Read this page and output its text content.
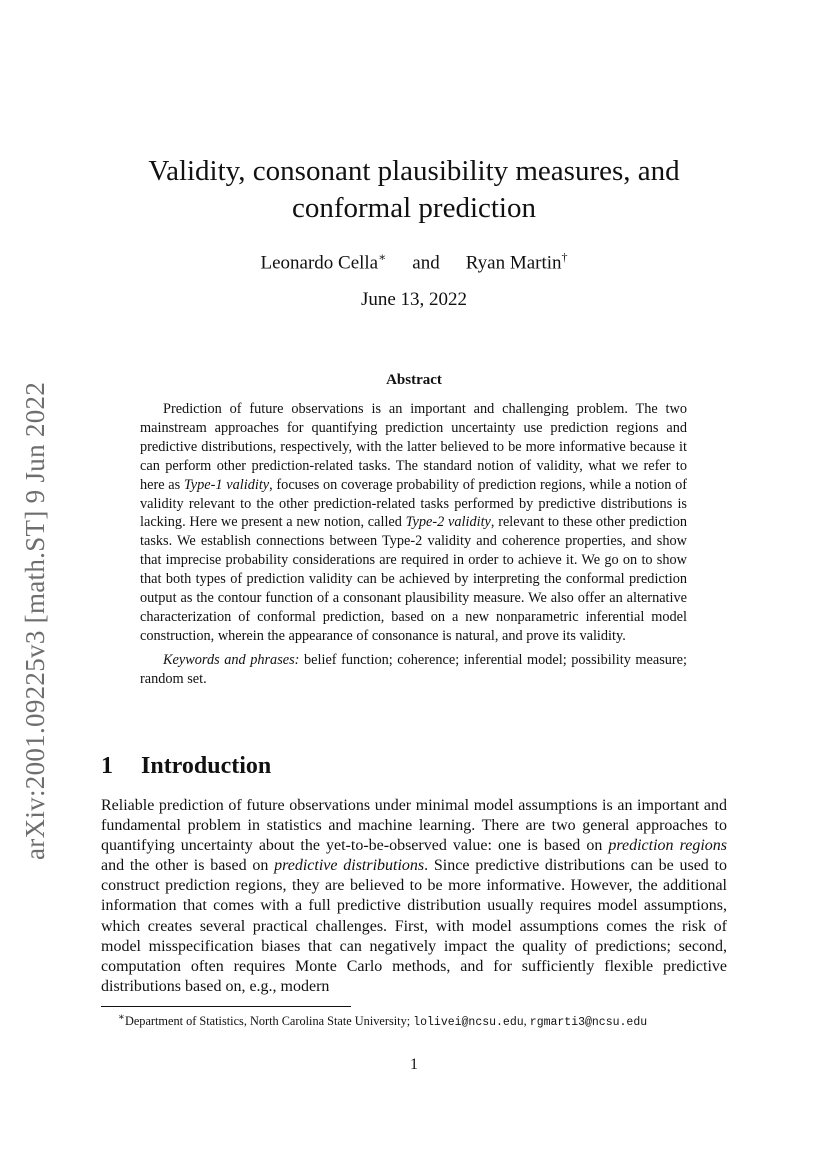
Validity, consonant plausibility measures, and
conformal prediction
Leonardo Cella∗ and Ryan Martin†
June 13, 2022
arXiv:2001.09225v3 [math.ST] 9 Jun 2022
Abstract

Prediction of future observations is an important and challenging problem. The two mainstream approaches for quantifying prediction uncertainty use prediction regions and predictive distributions, respectively, with the latter believed to be more informative because it can perform other prediction-related tasks. The standard notion of validity, what we refer to here as Type-1 validity, focuses on coverage probability of prediction regions, while a notion of validity relevant to the other prediction-related tasks performed by predictive distributions is lacking. Here we present a new notion, called Type-2 validity, relevant to these other prediction tasks. We establish connections between Type-2 validity and coherence properties, and show that imprecise probability considerations are required in order to achieve it. We go on to show that both types of prediction validity can be achieved by interpreting the conformal prediction output as the contour function of a consonant plausibility measure. We also offer an alternative characterization of conformal prediction, based on a new nonparametric inferential model construction, wherein the appearance of consonance is natural, and prove its validity.

Keywords and phrases: belief function; coherence; inferential model; possibility measure; random set.

1 Introduction
Reliable prediction of future observations under minimal model assumptions is an important and fundamental problem in statistics and machine learning. There are two general approaches to quantifying uncertainty about the yet-to-be-observed value: one is based on prediction regions and the other is based on predictive distributions. Since predictive distributions can be used to construct prediction regions, they are believed to be more informative. However, the additional information that comes with a full predictive distribution usually requires model assumptions, which creates several practical challenges. First, with model assumptions comes the risk of model misspecification biases that can negatively impact the quality of predictions; second, computation often requires Monte Carlo methods, and for sufficiently flexible predictive distributions based on, e.g., modern
∗Department of Statistics, North Carolina State University; lolivei@ncsu.edu, rgmarti3@ncsu.edu
1
